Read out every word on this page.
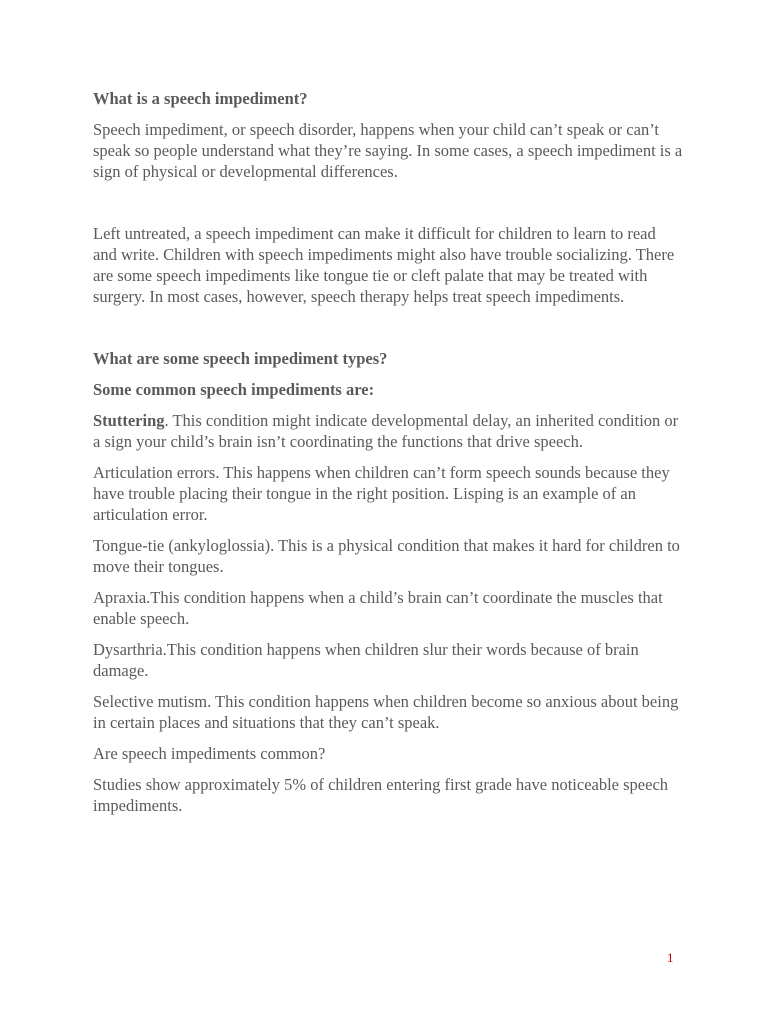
What is a speech impediment?
Speech impediment, or speech disorder, happens when your child can’t speak or can’t speak so people understand what they’re saying. In some cases, a speech impediment is a sign of physical or developmental differences.
Left untreated, a speech impediment can make it difficult for children to learn to read and write. Children with speech impediments might also have trouble socializing. There are some speech impediments like tongue tie or cleft palate that may be treated with surgery. In most cases, however, speech therapy helps treat speech impediments.
What are some speech impediment types?
Some common speech impediments are:
Stuttering. This condition might indicate developmental delay, an inherited condition or a sign your child’s brain isn’t coordinating the functions that drive speech.
Articulation errors. This happens when children can’t form speech sounds because they have trouble placing their tongue in the right position. Lisping is an example of an articulation error.
Tongue-tie (ankyloglossia). This is a physical condition that makes it hard for children to move their tongues.
Apraxia.This condition happens when a child’s brain can’t coordinate the muscles that enable speech.
Dysarthria.This condition happens when children slur their words because of brain damage.
Selective mutism. This condition happens when children become so anxious about being in certain places and situations that they can’t speak.
Are speech impediments common?
Studies show approximately 5% of children entering first grade have noticeable speech impediments.
1
